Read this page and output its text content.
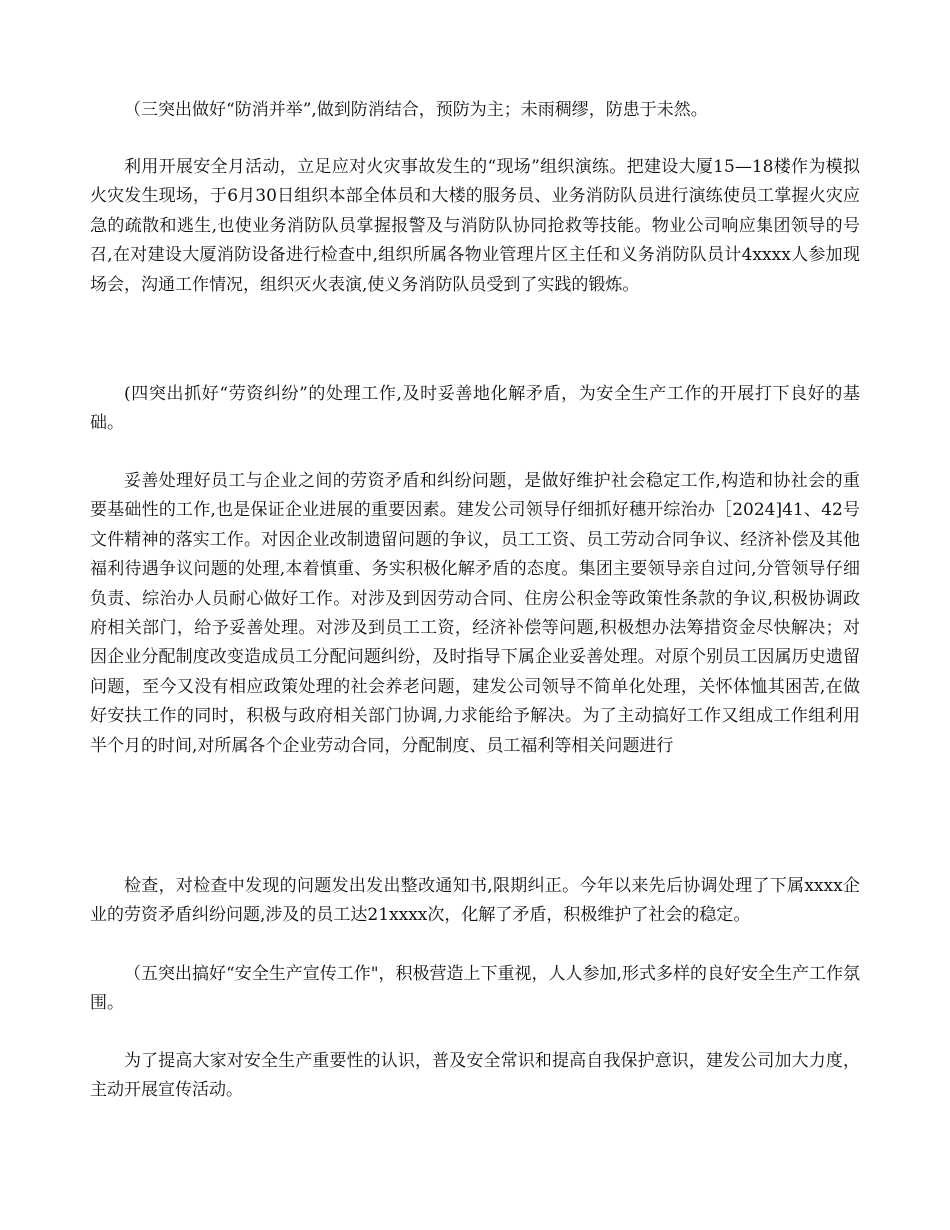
（三突出做好“防消并举”,做到防消结合，预防为主；未雨稠缪，防患于未然。

利用开展安全月活动，立足应对火灾事故发生的“现场”组织演练。把建设大厦15—18楼作为模拟火灾发生现场，于6月30日组织本部全体员和大楼的服务员、业务消防队员进行演练使员工掌握火灾应急的疏散和逃生,也使业务消防队员掌握报警及与消防队协同抢救等技能。物业公司响应集团领导的号召,在对建设大厦消防设备进行检查中,组织所属各物业管理片区主任和义务消防队员计4xxxx人参加现场会，沟通工作情况，组织灭火表演,使义务消防队员受到了实践的锻炼。

(四突出抓好“劳资纠纷”的处理工作,及时妥善地化解矛盾，为安全生产工作的开展打下良好的基础。

妥善处理好员工与企业之间的劳资矛盾和纠纷问题，是做好维护社会稳定工作,构造和协社会的重要基础性的工作,也是保证企业进展的重要因素。建发公司领导仔细抓好穗开综治办［2024]41、42号文件精神的落实工作。对因企业改制遗留问题的争议，员工工资、员工劳动合同争议、经济补偿及其他福利待遇争议问题的处理,本着慎重、务实积极化解矛盾的态度。集团主要领导亲自过问,分管领导仔细负责、综治办人员耐心做好工作。对涉及到因劳动合同、住房公积金等政策性条款的争议,积极协调政府相关部门，给予妥善处理。对涉及到员工工资，经济补偿等问题,积极想办法筹措资金尽快解决；对因企业分配制度改变造成员工分配问题纠纷，及时指导下属企业妥善处理。对原个别员工因属历史遗留问题，至今又没有相应政策处理的社会养老问题，建发公司领导不简单化处理，关怀体恤其困苦,在做好安扶工作的同时，积极与政府相关部门协调,力求能给予解决。为了主动搞好工作又组成工作组利用半个月的时间,对所属各个企业劳动合同，分配制度、员工福利等相关问题进行

检查，对检查中发现的问题发出发出整改通知书,限期纠正。今年以来先后协调处理了下属xxxx企业的劳资矛盾纠纷问题,涉及的员工达21xxxx次，化解了矛盾，积极维护了社会的稳定。

（五突出搞好“安全生产宣传工作"，积极营造上下重视，人人参加,形式多样的良好安全生产工作氛围。

为了提高大家对安全生产重要性的认识，普及安全常识和提高自我保护意识，建发公司加大力度，主动开展宣传活动。
